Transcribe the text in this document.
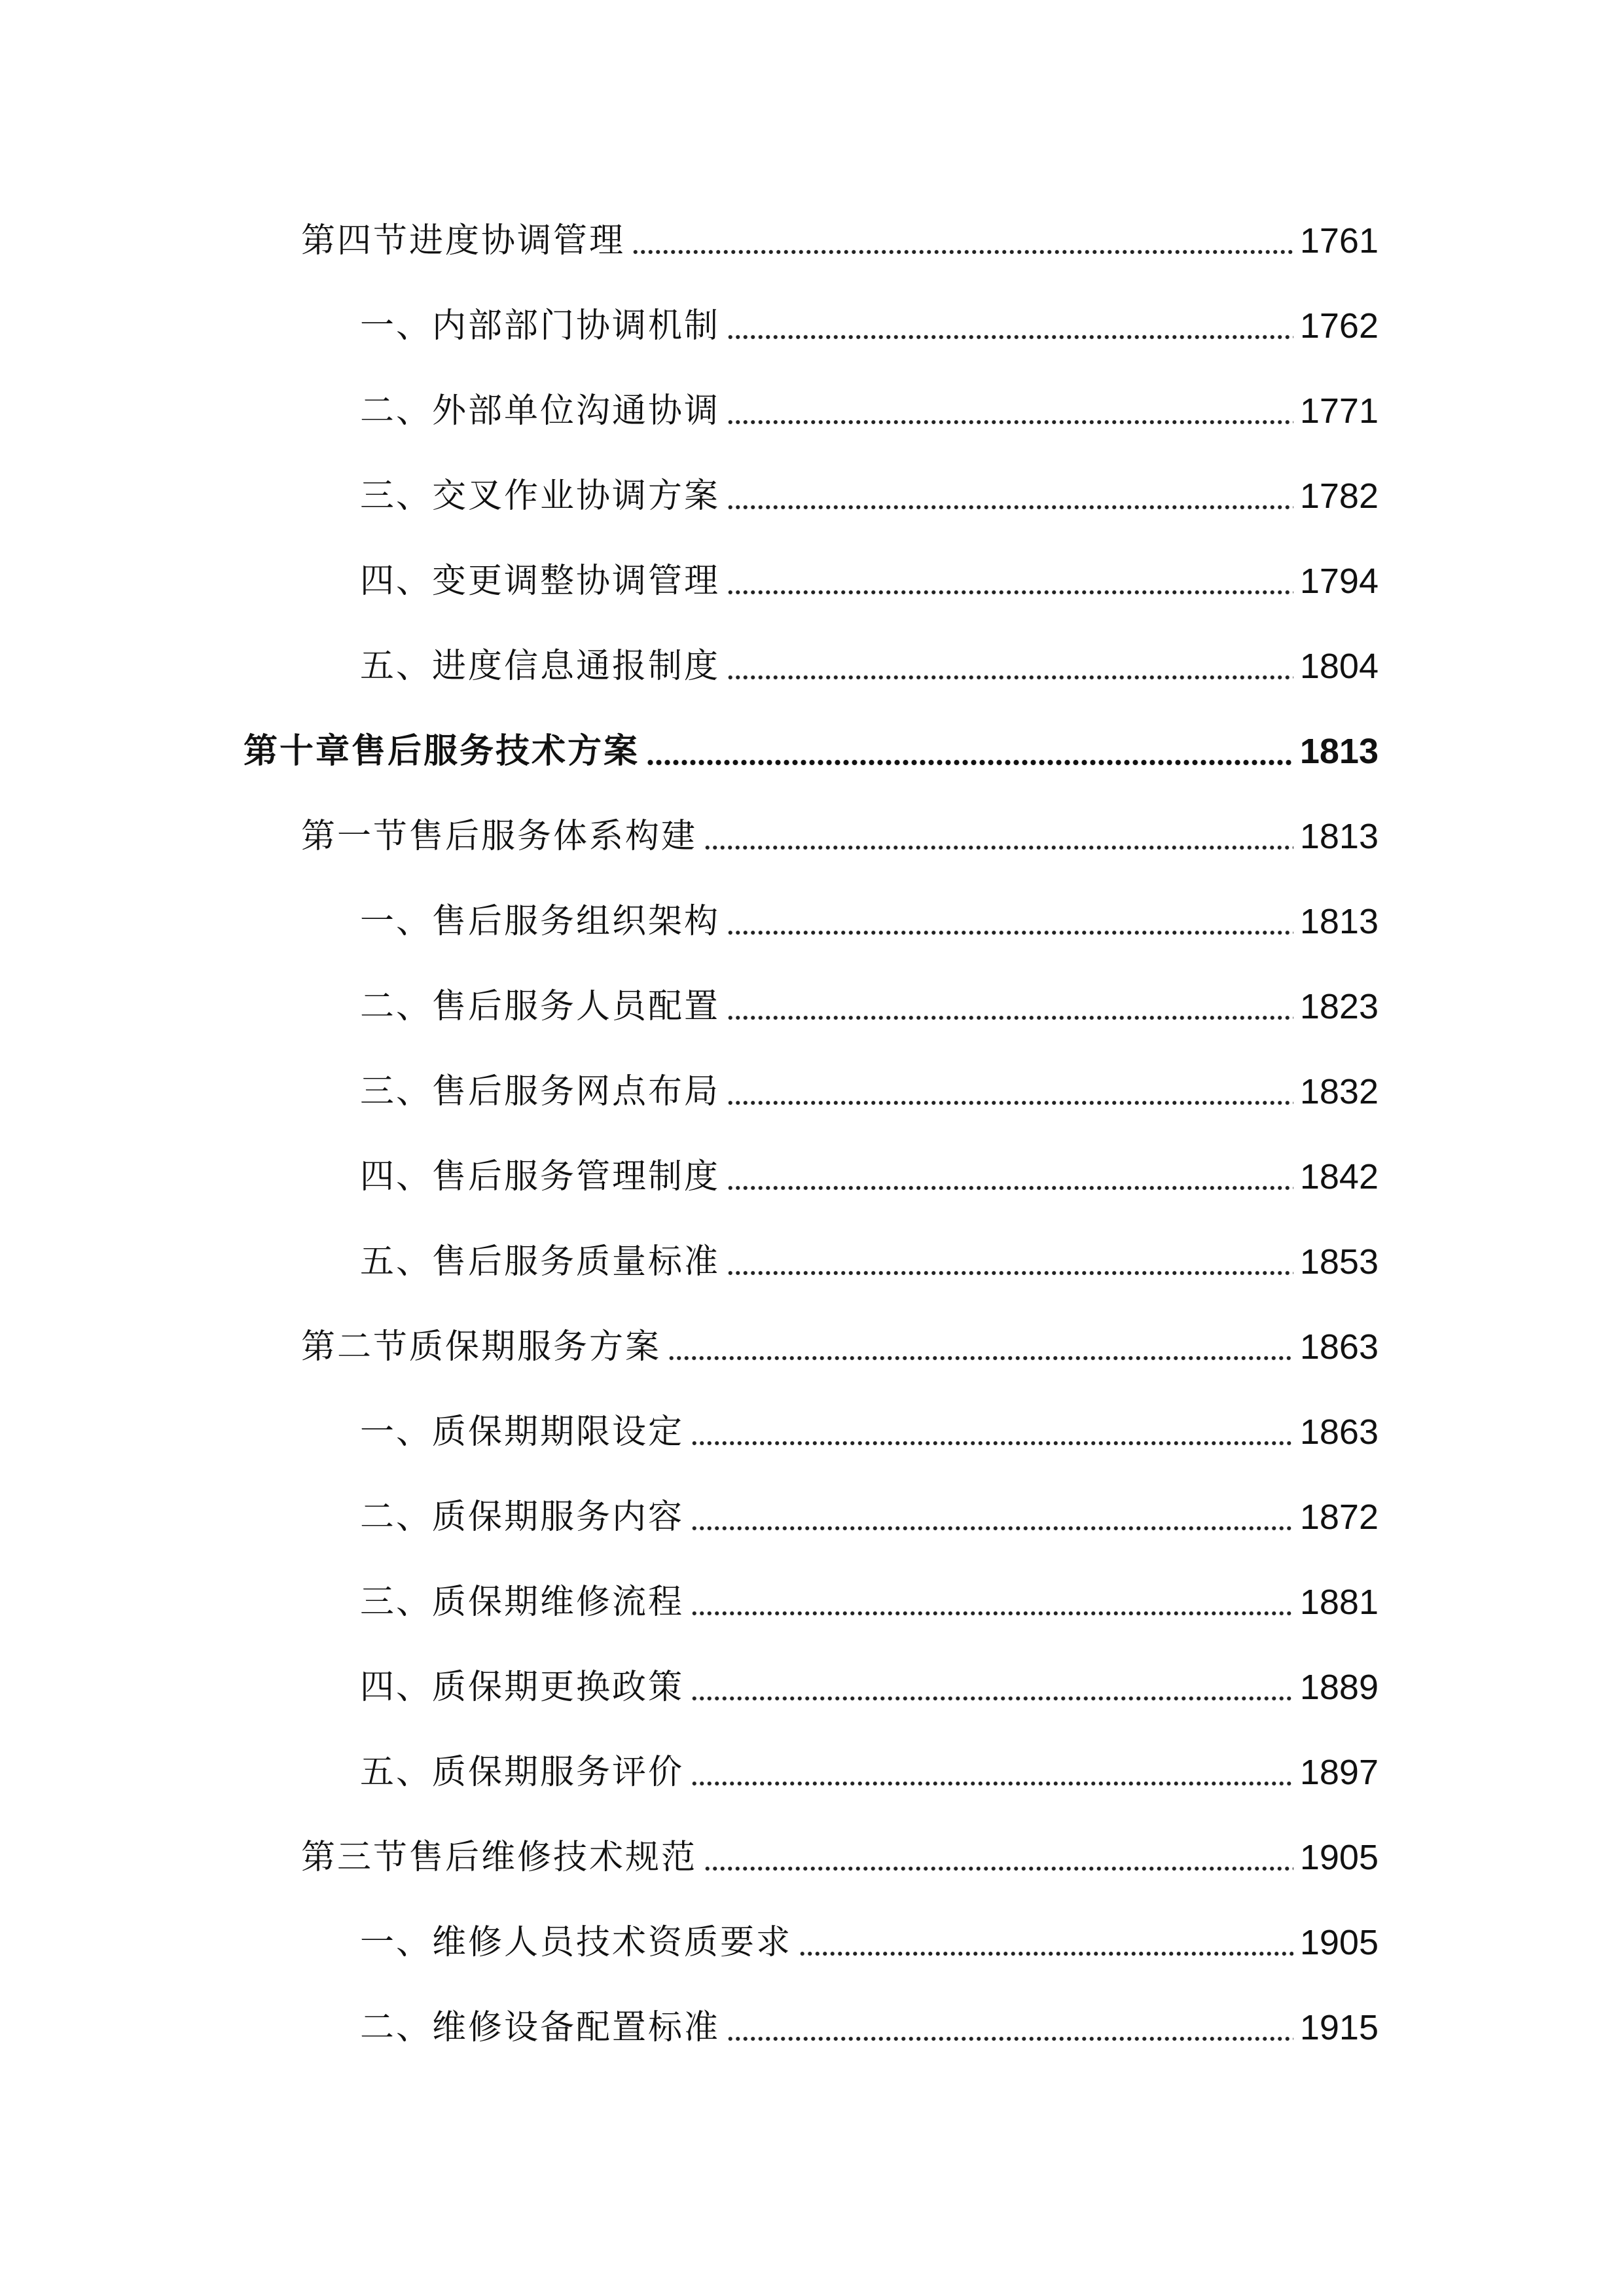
第四节进度协调管理	1761
一、内部部门协调机制	1762
二、外部单位沟通协调	1771
三、交叉作业协调方案	1782
四、变更调整协调管理	1794
五、进度信息通报制度	1804
第十章售后服务技术方案	1813
第一节售后服务体系构建	1813
一、售后服务组织架构	1813
二、售后服务人员配置	1823
三、售后服务网点布局	1832
四、售后服务管理制度	1842
五、售后服务质量标准	1853
第二节质保期服务方案	1863
一、质保期期限设定	1863
二、质保期服务内容	1872
三、质保期维修流程	1881
四、质保期更换政策	1889
五、质保期服务评价	1897
第三节售后维修技术规范	1905
一、维修人员技术资质要求	1905
二、维修设备配置标准	1915
